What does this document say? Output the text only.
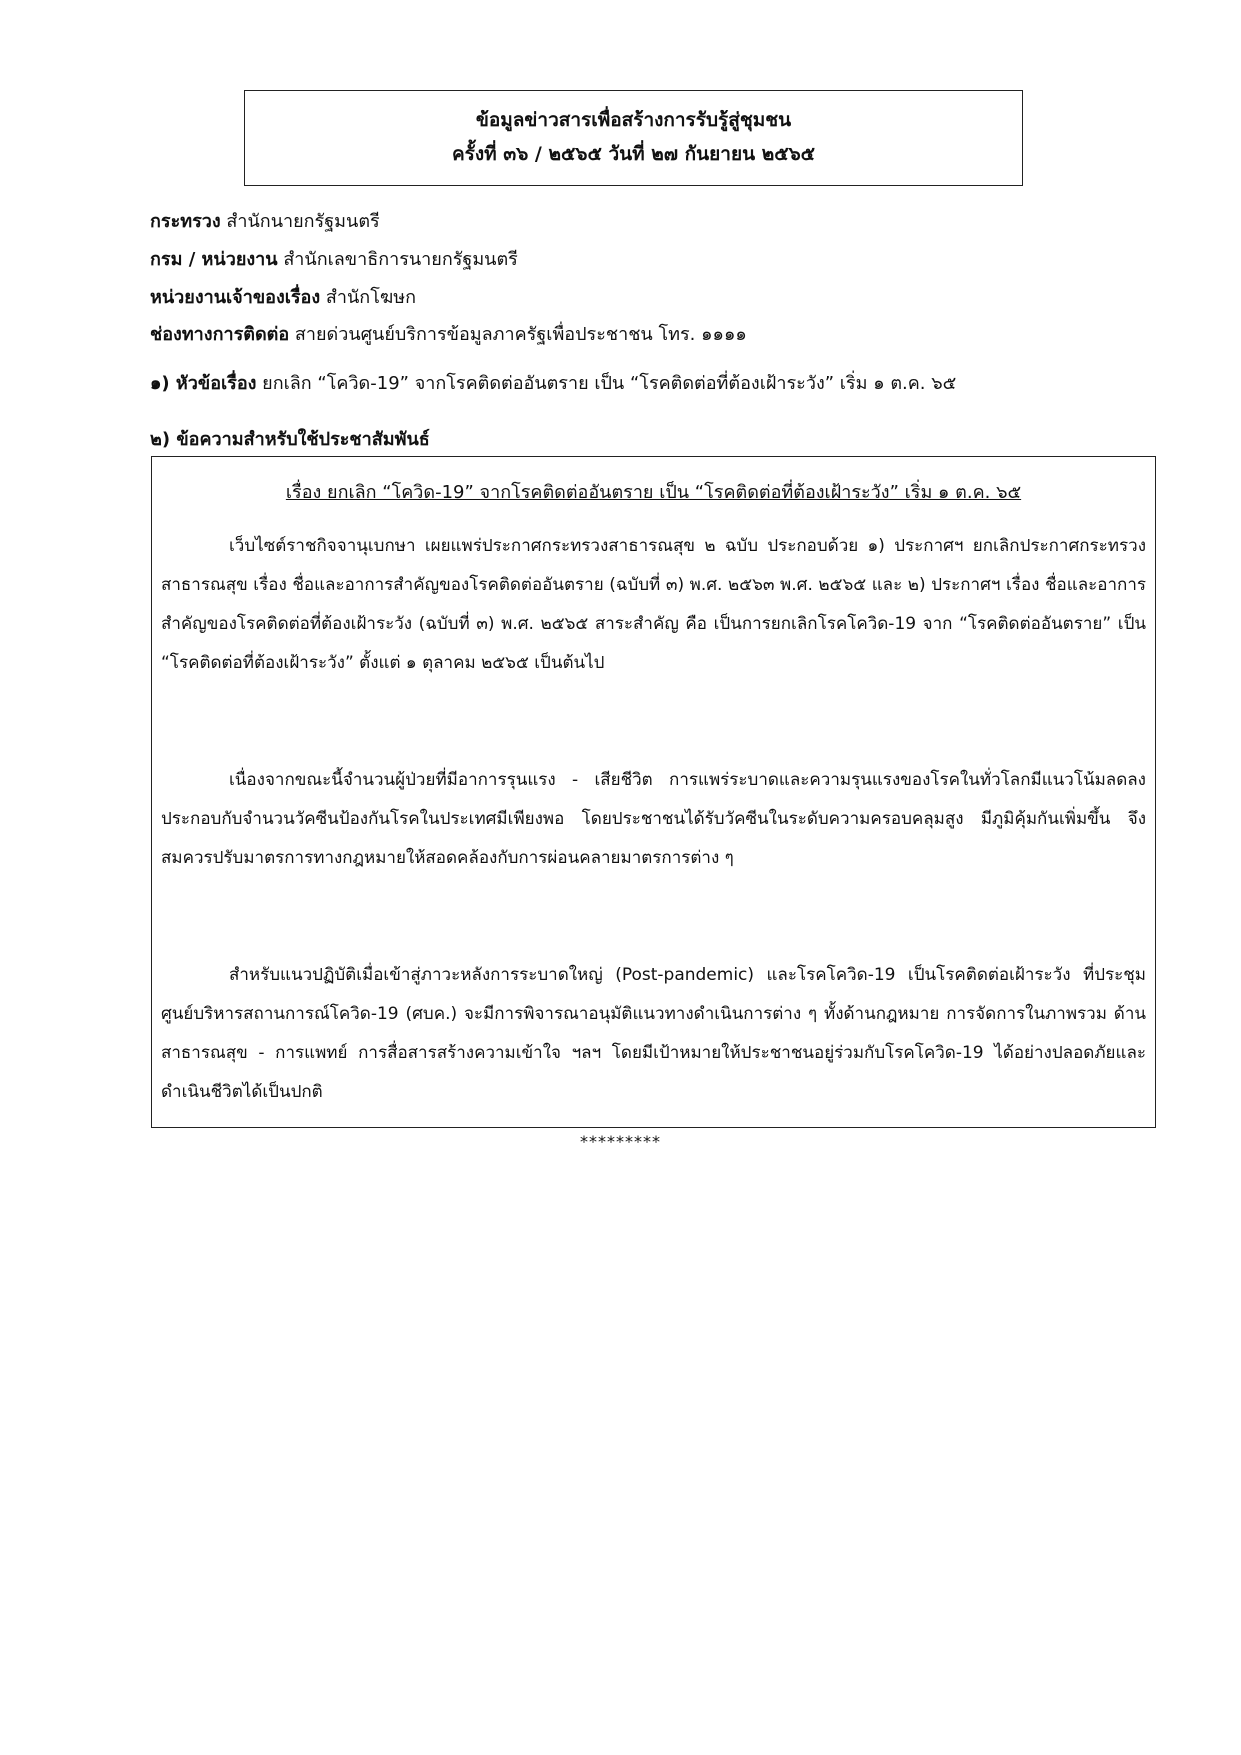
ข้อมูลข่าวสารเพื่อสร้างการรับรู้สู่ชุมชน
ครั้งที่ ๓๖ / ๒๕๖๕ วันที่ ๒๗ กันยายน ๒๕๖๕
กระทรวง สำนักนายกรัฐมนตรี
กรม / หน่วยงาน สำนักเลขาธิการนายกรัฐมนตรี
หน่วยงานเจ้าของเรื่อง สำนักโฆษก
ช่องทางการติดต่อ สายด่วนศูนย์บริการข้อมูลภาครัฐเพื่อประชาชน โทร. ๑๑๑๑
๑) หัวข้อเรื่อง ยกเลิก “โควิด-19” จากโรคติดต่ออันตราย เป็น “โรคติดต่อที่ต้องเฝ้าระวัง” เริ่ม ๑ ต.ค. ๖๕
๒) ข้อความสำหรับใช้ประชาสัมพันธ์
เรื่อง ยกเลิก “โควิด-19” จากโรคติดต่ออันตราย เป็น “โรคติดต่อที่ต้องเฝ้าระวัง” เริ่ม ๑ ต.ค. ๖๕
เว็บไซต์ราชกิจจานุเบกษา เผยแพร่ประกาศกระทรวงสาธารณสุข ๒ ฉบับ ประกอบด้วย ๑) ประกาศฯ ยกเลิกประกาศกระทรวงสาธารณสุข เรื่อง ชื่อและอาการสำคัญของโรคติดต่ออันตราย (ฉบับที่ ๓) พ.ศ. ๒๕๖๓ พ.ศ. ๒๕๖๕ และ ๒) ประกาศฯ เรื่อง ชื่อและอาการสำคัญของโรคติดต่อที่ต้องเฝ้าระวัง (ฉบับที่ ๓) พ.ศ. ๒๕๖๕ สาระสำคัญ คือ เป็นการยกเลิกโรคโควิด-19 จาก “โรคติดต่ออันตราย” เป็น “โรคติดต่อที่ต้องเฝ้าระวัง” ตั้งแต่ ๑ ตุลาคม ๒๕๖๕ เป็นต้นไป
เนื่องจากขณะนี้จำนวนผู้ป่วยที่มีอาการรุนแรง - เสียชีวิต การแพร่ระบาดและความรุนแรงของโรคในทั่วโลกมีแนวโน้มลดลง ประกอบกับจำนวนวัคซีนป้องกันโรคในประเทศมีเพียงพอ โดยประชาชนได้รับวัคซีนในระดับความครอบคลุมสูง มีภูมิคุ้มกันเพิ่มขึ้น จึงสมควรปรับมาตรการทางกฎหมายให้สอดคล้องกับการผ่อนคลายมาตรการต่าง ๆ
สำหรับแนวปฏิบัติเมื่อเข้าสู่ภาวะหลังการระบาดใหญ่ (Post-pandemic) และโรคโควิด-19 เป็นโรคติดต่อเฝ้าระวัง ที่ประชุมศูนย์บริหารสถานการณ์โควิด-19 (ศบค.) จะมีการพิจารณาอนุมัติแนวทางดำเนินการต่าง ๆ ทั้งด้านกฎหมาย การจัดการในภาพรวม ด้านสาธารณสุข - การแพทย์ การสื่อสารสร้างความเข้าใจ ฯลฯ โดยมีเป้าหมายให้ประชาชนอยู่ร่วมกับโรคโควิด-19 ได้อย่างปลอดภัยและดำเนินชีวิตได้เป็นปกติ
*********
